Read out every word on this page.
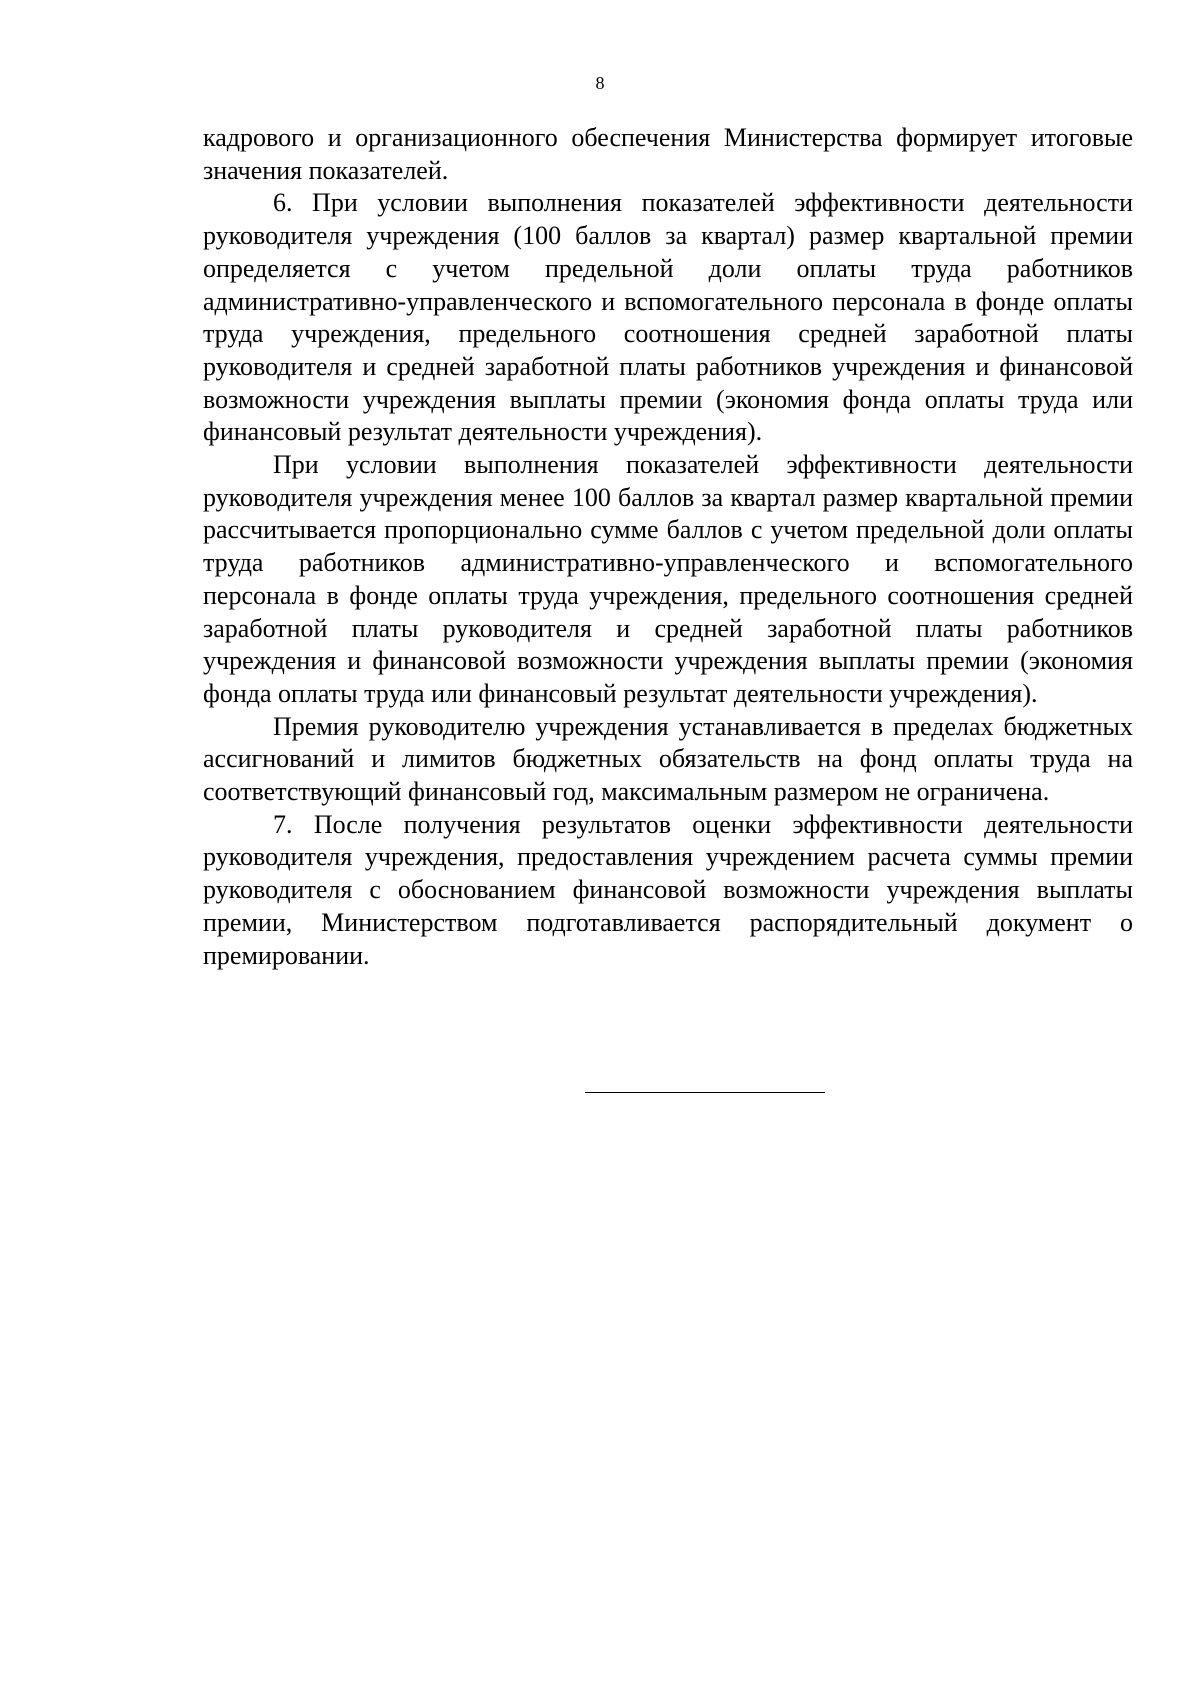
8

кадрового и организационного обеспечения Министерства формирует итоговые значения показателей.

6. При условии выполнения показателей эффективности деятельности руководителя учреждения (100 баллов за квартал) размер квартальной премии определяется с учетом предельной доли оплаты труда работников административно-управленческого и вспомогательного персонала в фонде оплаты труда учреждения, предельного соотношения средней заработной платы руководителя и средней заработной платы работников учреждения и финансовой возможности учреждения выплаты премии (экономия фонда оплаты труда или финансовый результат деятельности учреждения).

При условии выполнения показателей эффективности деятельности руководителя учреждения менее 100 баллов за квартал размер квартальной премии рассчитывается пропорционально сумме баллов с учетом предельной доли оплаты труда работников административно-управленческого и вспомогательного персонала в фонде оплаты труда учреждения, предельного соотношения средней заработной платы руководителя и средней заработной платы работников учреждения и финансовой возможности учреждения выплаты премии (экономия фонда оплаты труда или финансовый результат деятельности учреждения).

Премия руководителю учреждения устанавливается в пределах бюджетных ассигнований и лимитов бюджетных обязательств на фонд оплаты труда на соответствующий финансовый год, максимальным размером не ограничена.

7. После получения результатов оценки эффективности деятельности руководителя учреждения, предоставления учреждением расчета суммы премии руководителя с обоснованием финансовой возможности учреждения выплаты премии, Министерством подготавливается распорядительный документ о премировании.
